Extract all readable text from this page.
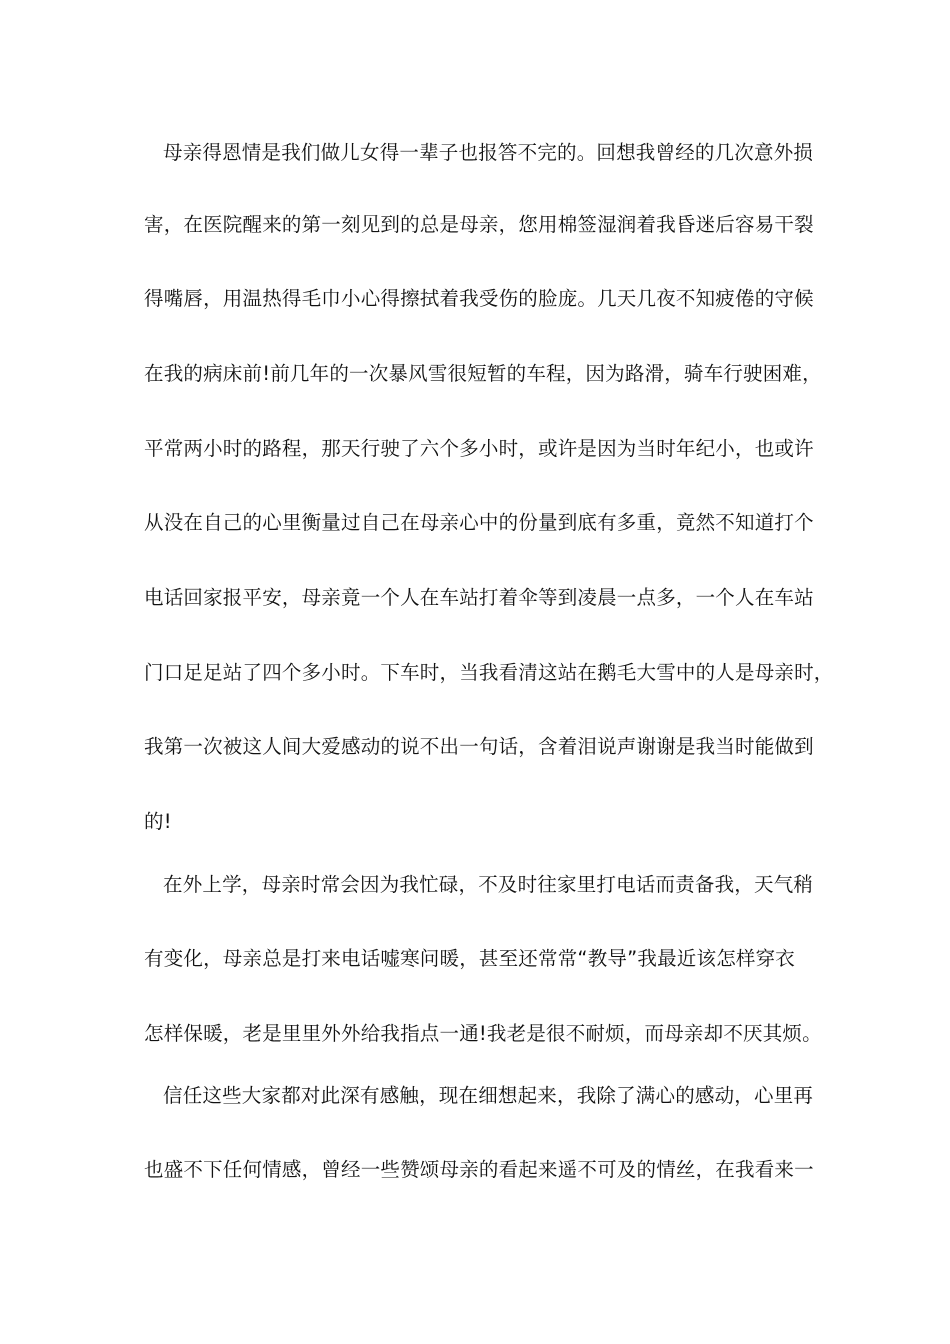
母亲得恩情是我们做儿女得一辈子也报答不完的。回想我曾经的几次意外损
害，在医院醒来的第一刻见到的总是母亲，您用棉签湿润着我昏迷后容易干裂
得嘴唇，用温热得毛巾小心得擦拭着我受伤的脸庞。几天几夜不知疲倦的守候
在我的病床前!前几年的一次暴风雪很短暂的车程，因为路滑，骑车行驶困难，
平常两小时的路程，那天行驶了六个多小时，或许是因为当时年纪小，也或许
从没在自己的心里衡量过自己在母亲心中的份量到底有多重，竟然不知道打个
电话回家报平安，母亲竟一个人在车站打着伞等到凌晨一点多，一个人在车站
门口足足站了四个多小时。下车时，当我看清这站在鹅毛大雪中的人是母亲时，
我第一次被这人间大爱感动的说不出一句话，含着泪说声谢谢是我当时能做到
的!
在外上学，母亲时常会因为我忙碌，不及时往家里打电话而责备我，天气稍
有变化，母亲总是打来电话嘘寒问暖，甚至还常常“教导”我最近该怎样穿衣
怎样保暖，老是里里外外给我指点一通!我老是很不耐烦，而母亲却不厌其烦。
信任这些大家都对此深有感触，现在细想起来，我除了满心的感动，心里再
也盛不下任何情感，曾经一些赞颂母亲的看起来遥不可及的情丝，在我看来一
